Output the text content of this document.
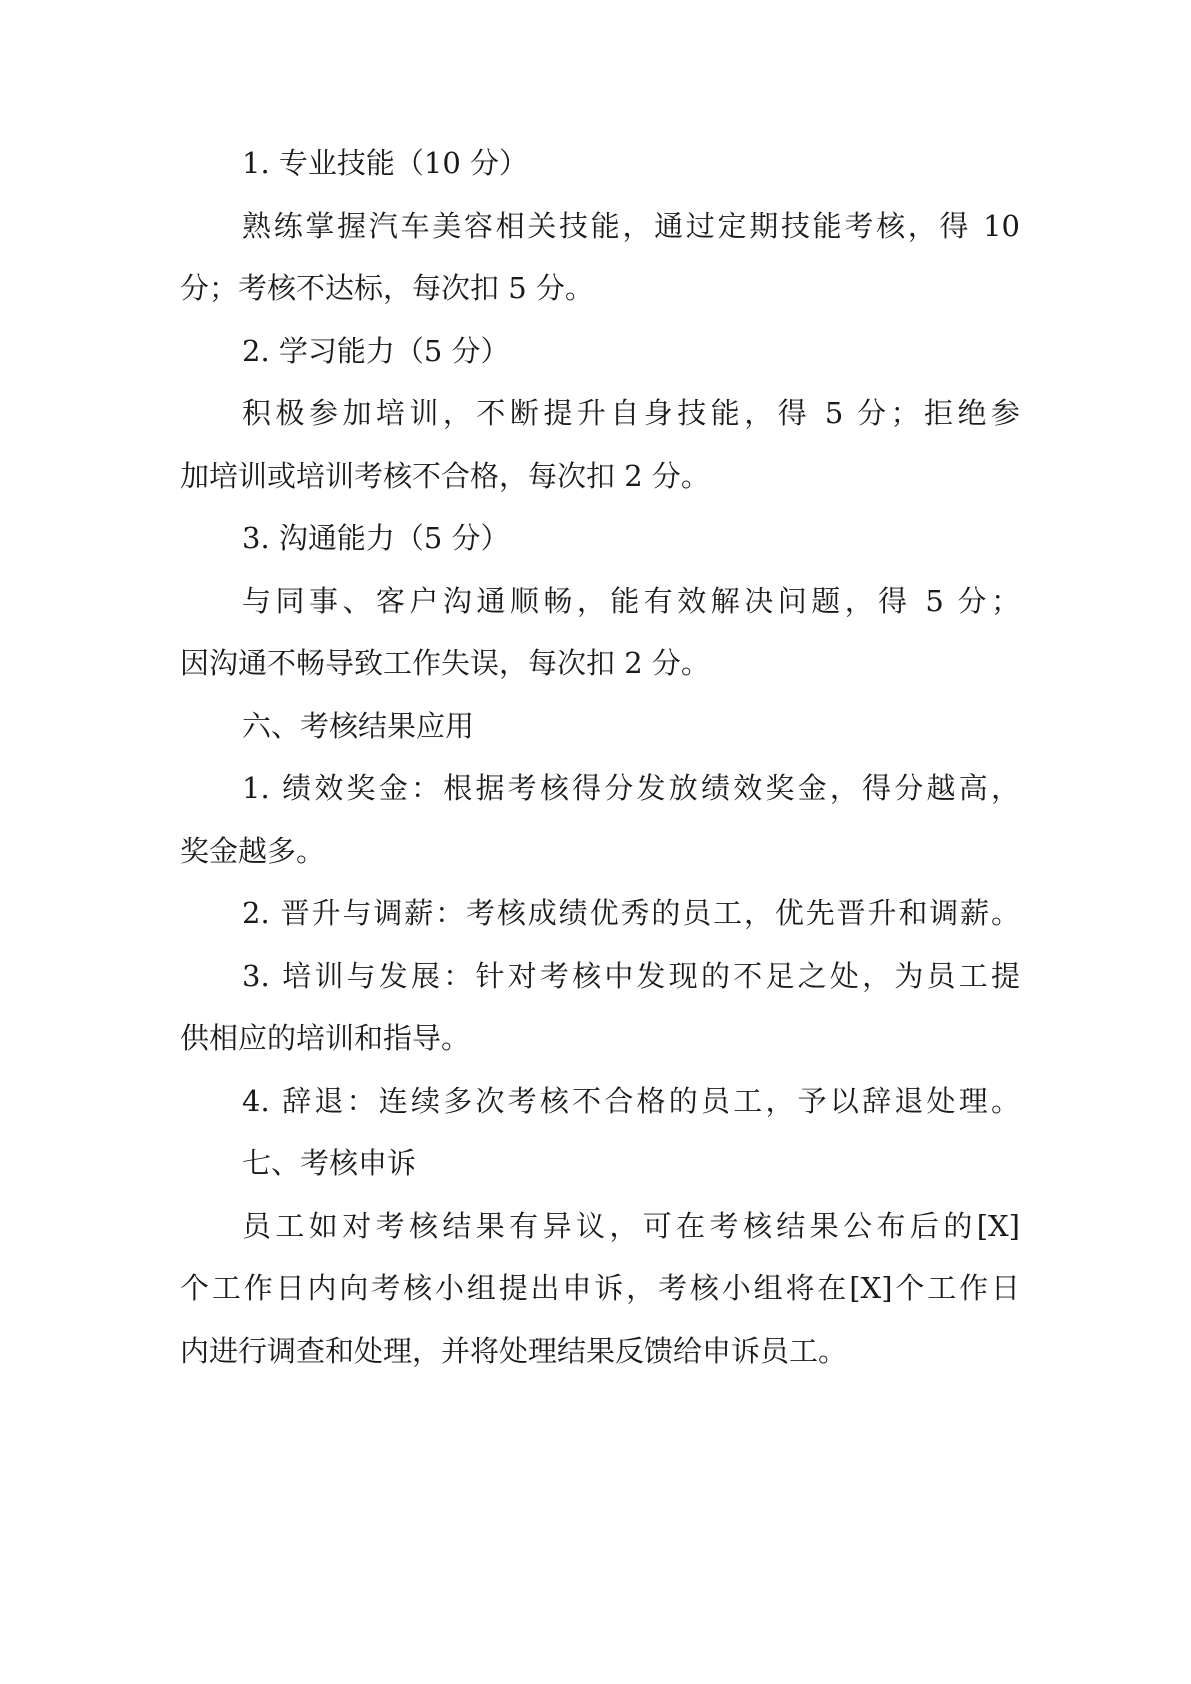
1. 专业技能（10 分）
熟练掌握汽车美容相关技能，通过定期技能考核，得 10
分；考核不达标，每次扣 5 分。
2. 学习能力（5 分）
积极参加培训，不断提升自身技能，得 5 分；拒绝参
加培训或培训考核不合格，每次扣 2 分。
3. 沟通能力（5 分）
与同事、客户沟通顺畅，能有效解决问题，得 5 分；
因沟通不畅导致工作失误，每次扣 2 分。
六、考核结果应用
1. 绩效奖金：根据考核得分发放绩效奖金，得分越高，
奖金越多。
2. 晋升与调薪：考核成绩优秀的员工，优先晋升和调薪。
3. 培训与发展：针对考核中发现的不足之处，为员工提
供相应的培训和指导。
4. 辞退：连续多次考核不合格的员工，予以辞退处理。
七、考核申诉
员工如对考核结果有异议，可在考核结果公布后的[X]
个工作日内向考核小组提出申诉，考核小组将在[X]个工作日
内进行调查和处理，并将处理结果反馈给申诉员工。
